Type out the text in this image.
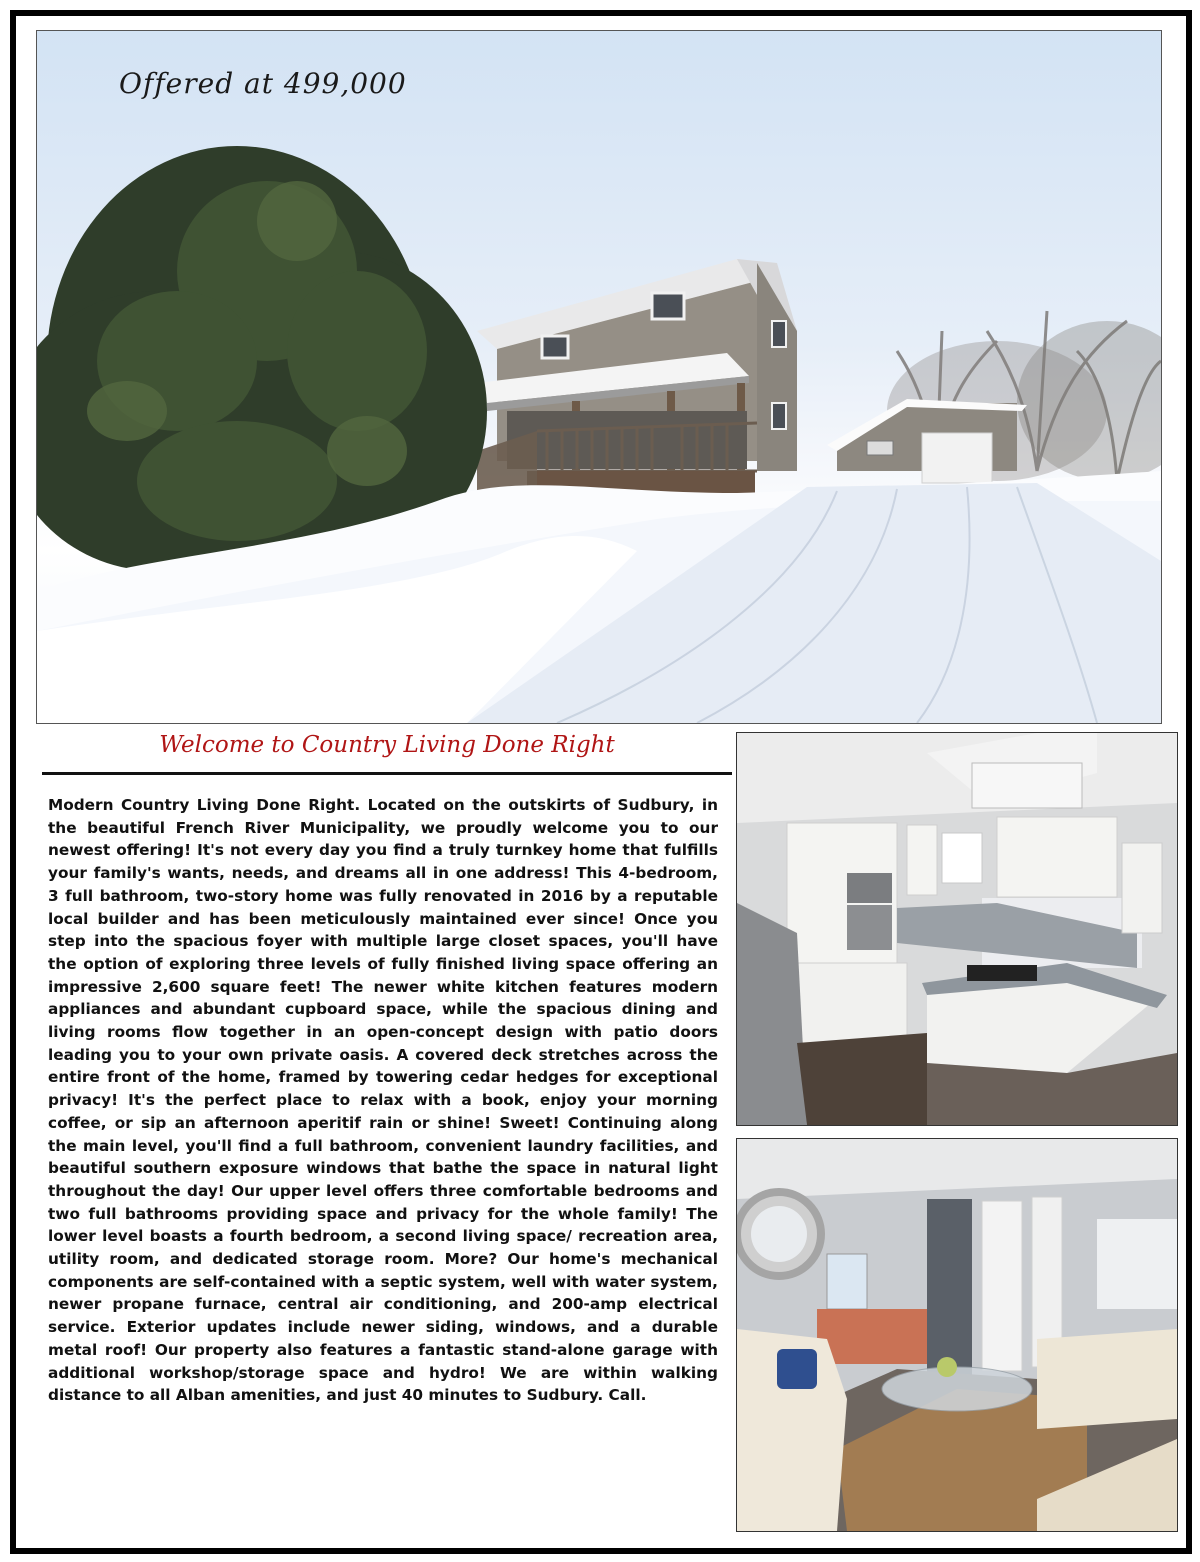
Offered at 499,000
Welcome to Country Living Done Right

Modern Country Living Done Right. Located on the outskirts of Sudbury, in the beautiful French River Municipality, we proudly welcome you to our newest offering! It's not every day you find a truly turnkey home that fulfills your family's wants, needs, and dreams all in one address! This 4-bedroom, 3 full bathroom, two-story home was fully renovated in 2016 by a reputable local builder and has been meticulously maintained ever since! Once you step into the spacious foyer with multiple large closet spaces, you'll have the option of exploring three levels of fully finished living space offering an impressive 2,600 square feet! The newer white kitchen features modern appliances and abundant cupboard space, while the spacious dining and living rooms flow together in an open-concept design with patio doors leading you to your own private oasis. A covered deck stretches across the entire front of the home, framed by towering cedar hedges for exceptional privacy! It's the perfect place to relax with a book, enjoy your morning coffee, or sip an afternoon aperitif rain or shine! Sweet! Continuing along the main level, you'll find a full bathroom, convenient laundry facilities, and beautiful southern exposure windows that bathe the space in natural light throughout the day! Our upper level offers three comfortable bedrooms and two full bathrooms providing space and privacy for the whole family! The lower level boasts a fourth bedroom, a second living space/ recreation area, utility room, and dedicated storage room. More? Our home's mechanical components are self-contained with a septic system, well with water system, newer propane furnace, central air conditioning, and 200-amp electrical service. Exterior updates include newer siding, windows, and a durable metal roof! Our property also features a fantastic stand-alone garage with additional workshop/storage space and hydro! We are within walking distance to all Alban amenities, and just 40 minutes to Sudbury. Call.
